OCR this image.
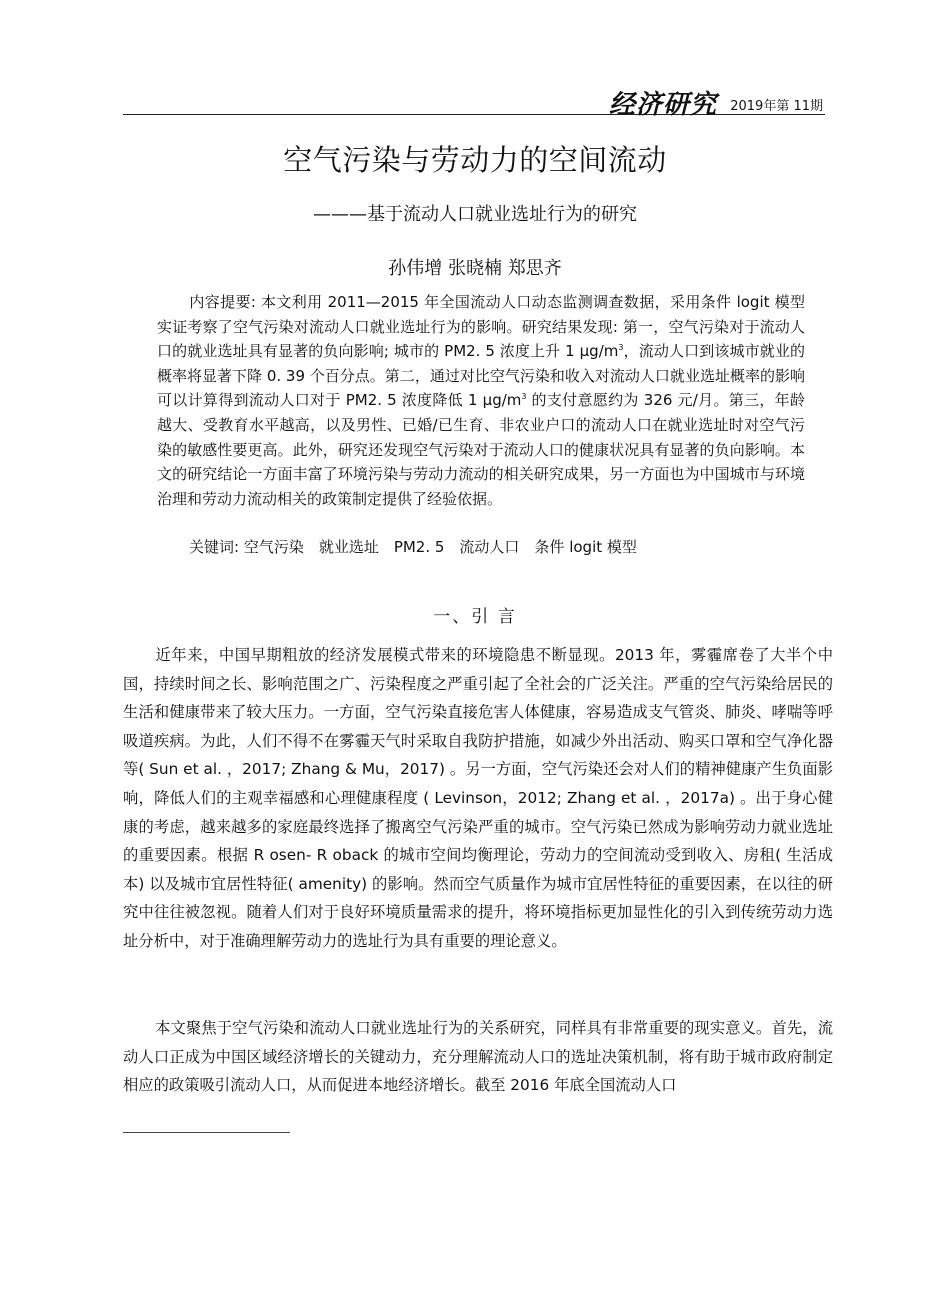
经济研究 2019年第 11期
空气污染与劳动力的空间流动
———基于流动人口就业选址行为的研究
孙伟增 张晓楠 郑思齐

内容提要: 本文利用 2011—2015 年全国流动人口动态监测调查数据，采用条件 logit 模型实证考察了空气污染对流动人口就业选址行为的影响。研究结果发现: 第一，空气污染对于流动人口的就业选址具有显著的负向影响; 城市的 PM2. 5 浓度上升 1 $\mu g/m^3$，流动人口到该城市就业的概率将显著下降 0. 39 个百分点。第二，通过对比空气污染和收入对流动人口就业选址概率的影响可以计算得到流动人口对于 PM2. 5 浓度降低 1 $\mu g/m^3$ 的支付意愿约为 326 元/月。第三，年龄越大、受教育水平越高，以及男性、已婚/已生育、非农业户口的流动人口在就业选址时对空气污染的敏感性要更高。此外，研究还发现空气污染对于流动人口的健康状况具有显著的负向影响。本文的研究结论一方面丰富了环境污染与劳动力流动的相关研究成果，另一方面也为中国城市与环境治理和劳动力流动相关的政策制定提供了经验依据。

关键词: 空气污染　就业选址　PM2. 5　流动人口　条件 logit 模型

一、引 言

近年来，中国早期粗放的经济发展模式带来的环境隐患不断显现。2013 年，雾霾席卷了大半个中国，持续时间之长、影响范围之广、污染程度之严重引起了全社会的广泛关注。严重的空气污染给居民的生活和健康带来了较大压力。一方面，空气污染直接危害人体健康，容易造成支气管炎、肺炎、哮喘等呼吸道疾病。为此，人们不得不在雾霾天气时采取自我防护措施，如减少外出活动、购买口罩和空气净化器等( Sun et al. ，2017; Zhang & Mu，2017) 。另一方面，空气污染还会对人们的精神健康产生负面影响，降低人们的主观幸福感和心理健康程度 ( Levinson，2012; Zhang et al. ，2017a) 。出于身心健康的考虑，越来越多的家庭最终选择了搬离空气污染严重的城市。空气污染已然成为影响劳动力就业选址的重要因素。根据 R osen- R oback 的城市空间均衡理论，劳动力的空间流动受到收入、房租( 生活成本) 以及城市宜居性特征( amenity) 的影响。然而空气质量作为城市宜居性特征的重要因素，在以往的研究中往往被忽视。随着人们对于良好环境质量需求的提升，将环境指标更加显性化的引入到传统劳动力选址分析中，对于准确理解劳动力的选址行为具有重要的理论意义。

本文聚焦于空气污染和流动人口就业选址行为的关系研究，同样具有非常重要的现实意义。首先，流动人口正成为中国区域经济增长的关键动力，充分理解流动人口的选址决策机制，将有助于城市政府制定相应的政策吸引流动人口，从而促进本地经济增长。截至 2016 年底全国流动人口
